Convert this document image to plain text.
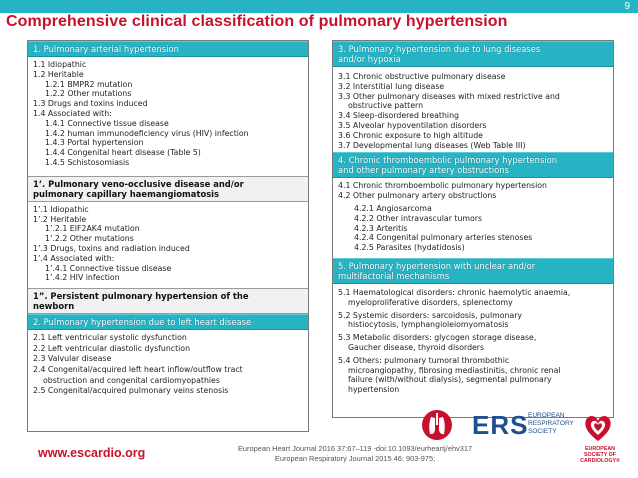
9
Comprehensive clinical classification of pulmonary hypertension
1. Pulmonary arterial hypertension
1.1 Idiopathic
1.2 Heritable
1.2.1 BMPR2 mutation
1.2.2 Other mutations
1.3 Drugs and toxins induced
1.4 Associated with:
1.4.1 Connective tissue disease
1.4.2 human immunodeficiency virus (HIV) infection
1.4.3 Portal hypertension
1.4.4 Congenital heart disease (Table 5)
1.4.5 Schistosomiasis
1’. Pulmonary veno-occlusive disease and/or
pulmonary capillary haemangiomatosis
1’.1 Idiopathic
1’.2 Heritable
1’.2.1 EIF2AK4 mutation
1’.2.2 Other mutations
1’.3 Drugs, toxins and radiation induced
1’.4 Associated with:
1’.4.1 Connective tissue disease
1’.4.2 HIV infection
1”. Persistent pulmonary hypertension of the
newborn
2. Pulmonary hypertension due to left heart disease
2.1 Left ventricular systolic dysfunction
2.2 Left ventricular diastolic dysfunction
2.3 Valvular disease
2.4 Congenital/acquired left heart inflow/outflow tract
obstruction and congenital cardiomyopathies
2.5 Congenital/acquired pulmonary veins stenosis
3. Pulmonary hypertension due to lung diseases
and/or hypoxia
3.1 Chronic obstructive pulmonary disease
3.2 Interstitial lung disease
3.3 Other pulmonary diseases with mixed restrictive and
obstructive pattern
3.4 Sleep-disordered breathing
3.5 Alveolar hypoventilation disorders
3.6 Chronic exposure to high altitude
3.7 Developmental lung diseases (Web Table III)
4. Chronic thromboembolic pulmonary hypertension
and other pulmonary artery obstructions
4.1 Chronic thromboembolic pulmonary hypertension
4.2 Other pulmonary artery obstructions
4.2.1 Angiosarcoma
4.2.2 Other intravascular tumors
4.2.3 Arteritis
4.2.4 Congenital pulmonary arteries stenoses
4.2.5 Parasites (hydatidosis)
5. Pulmonary hypertension with unclear and/or
multifactorial mechanisms
5.1 Haematological disorders: chronic haemolytic anaemia,
myeloproliferative disorders, splenectomy
5.2 Systemic disorders: sarcoidosis, pulmonary
histiocytosis, lymphangioleiomyomatosis
5.3 Metabolic disorders: glycogen storage disease,
Gaucher disease, thyroid disorders
5.4 Others: pulmonary tumoral thrombothic
microangiopathy, fibrosing mediastinitis, chronic renal
failure (with/without dialysis), segmental pulmonary
hypertension
www.escardio.org	European Heart Journal 2016 37:67–119 -doi:10.1093/eurheartj/ehv317
European Respiratory Journal 2015 46: 903-975;
ERS EUROPEAN
RESPIRATORY
SOCIETY
EUROPEAN
SOCIETY OF
CARDIOLOGY®
